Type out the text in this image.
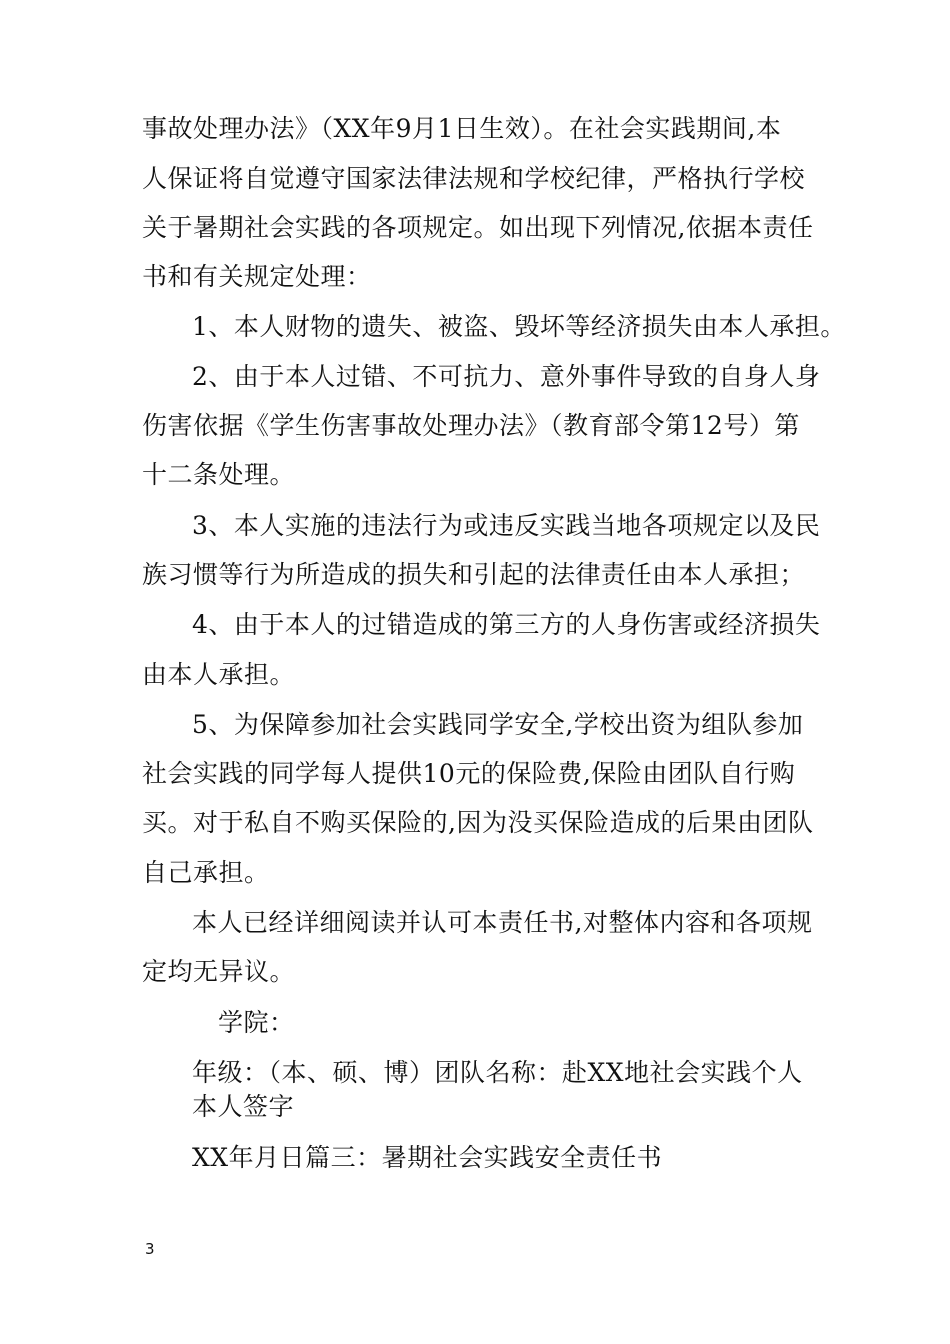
事故处理办法》（XX年9月1日生效）。在社会实践期间,本
人保证将自觉遵守国家法律法规和学校纪律，严格执行学校
关于暑期社会实践的各项规定。如出现下列情况,依据本责任
书和有关规定处理：
1、本人财物的遗失、被盗、毁坏等经济损失由本人承担。
2、由于本人过错、不可抗力、意外事件导致的自身人身
伤害依据《学生伤害事故处理办法》（教育部令第12号）第
十二条处理。
3、本人实施的违法行为或违反实践当地各项规定以及民
族习惯等行为所造成的损失和引起的法律责任由本人承担；
4、由于本人的过错造成的第三方的人身伤害或经济损失
由本人承担。
5、为保障参加社会实践同学安全,学校出资为组队参加
社会实践的同学每人提供10元的保险费,保险由团队自行购
买。对于私自不购买保险的,因为没买保险造成的后果由团队
自己承担。
本人已经详细阅读并认可本责任书,对整体内容和各项规
定均无异议。
学院：
年级：（本、硕、博）团队名称：赴XX地社会实践个人
本人签字
XX年月日篇三：暑期社会实践安全责任书
3
